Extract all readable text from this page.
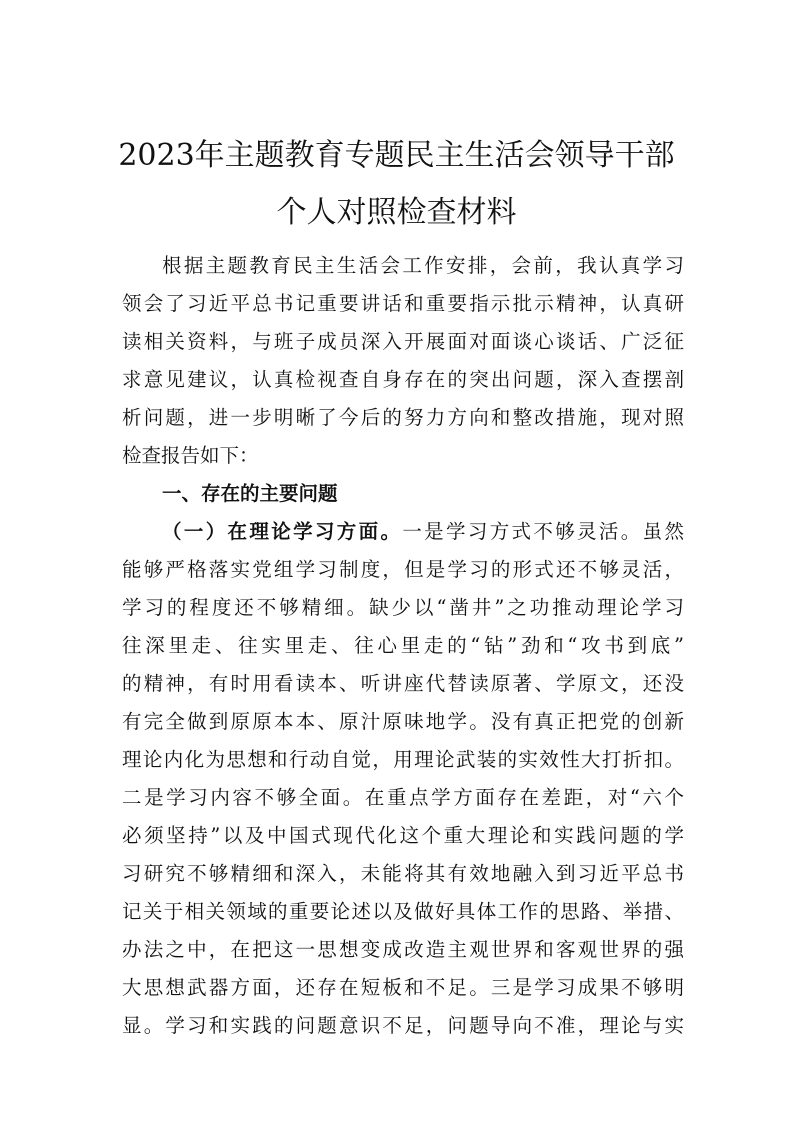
2023年主题教育专题民主生活会领导干部
个人对照检查材料

根据主题教育民主生活会工作安排，会前，我认真学习

领会了习近平总书记重要讲话和重要指示批示精神，认真研

读相关资料，与班子成员深入开展面对面谈心谈话、广泛征

求意见建议，认真检视查自身存在的突出问题，深入查摆剖

析问题，进一步明晰了今后的努力方向和整改措施，现对照

检查报告如下：

一、存在的主要问题

（一）在理论学习方面。一是学习方式不够灵活。虽然

能够严格落实党组学习制度，但是学习的形式还不够灵活，

学习的程度还不够精细。缺少以“凿井”之功推动理论学习

往深里走、往实里走、往心里走的“钻”劲和“攻书到底”

的精神，有时用看读本、听讲座代替读原著、学原文，还没

有完全做到原原本本、原汁原味地学。没有真正把党的创新

理论内化为思想和行动自觉，用理论武装的实效性大打折扣。

二是学习内容不够全面。在重点学方面存在差距，对“六个

必须坚持”以及中国式现代化这个重大理论和实践问题的学

习研究不够精细和深入，未能将其有效地融入到习近平总书

记关于相关领域的重要论述以及做好具体工作的思路、举措、

办法之中，在把这一思想变成改造主观世界和客观世界的强

大思想武器方面，还存在短板和不足。三是学习成果不够明

显。学习和实践的问题意识不足，问题导向不准，理论与实
